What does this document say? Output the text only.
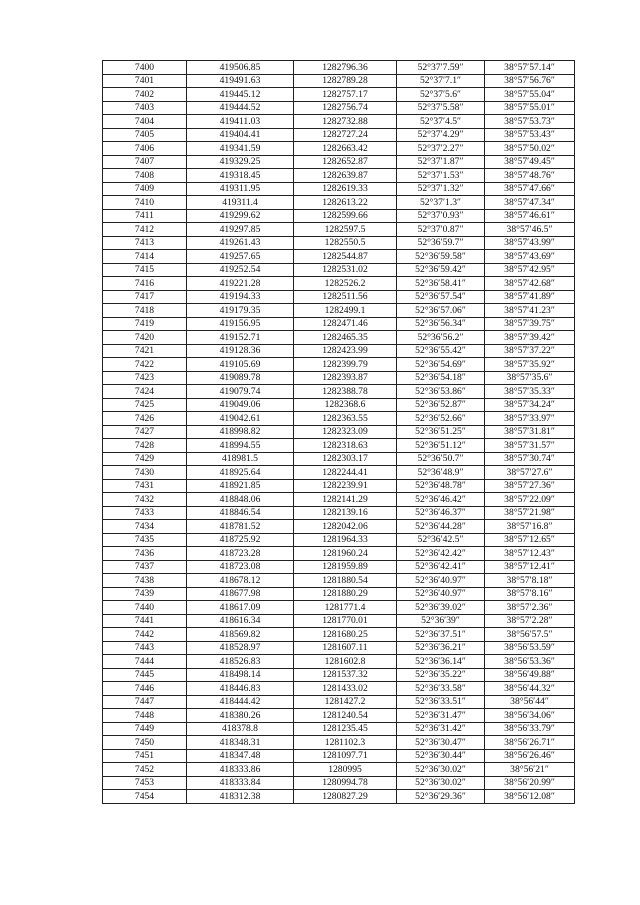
7400	419506.85	1282796.36	52°37′7.59″	38°57′57.14″
7401	419491.63	1282789.28	52°37′7.1″	38°57′56.76″
7402	419445.12	1282757.17	52°37′5.6″	38°57′55.04″
7403	419444.52	1282756.74	52°37′5.58″	38°57′55.01″
7404	419411.03	1282732.88	52°37′4.5″	38°57′53.73″
7405	419404.41	1282727.24	52°37′4.29″	38°57′53.43″
7406	419341.59	1282663.42	52°37′2.27″	38°57′50.02″
7407	419329.25	1282652.87	52°37′1.87″	38°57′49.45″
7408	419318.45	1282639.87	52°37′1.53″	38°57′48.76″
7409	419311.95	1282619.33	52°37′1.32″	38°57′47.66″
7410	419311.4	1282613.22	52°37′1.3″	38°57′47.34″
7411	419299.62	1282599.66	52°37′0.93″	38°57′46.61″
7412	419297.85	1282597.5	52°37′0.87″	38°57′46.5″
7413	419261.43	1282550.5	52°36′59.7″	38°57′43.99″
7414	419257.65	1282544.87	52°36′59.58″	38°57′43.69″
7415	419252.54	1282531.02	52°36′59.42″	38°57′42.95″
7416	419221.28	1282526.2	52°36′58.41″	38°57′42.68″
7417	419194.33	1282511.56	52°36′57.54″	38°57′41.89″
7418	419179.35	1282499.1	52°36′57.06″	38°57′41.23″
7419	419156.95	1282471.46	52°36′56.34″	38°57′39.75″
7420	419152.71	1282465.35	52°36′56.2″	38°57′39.42″
7421	419128.36	1282423.99	52°36′55.42″	38°57′37.22″
7422	419105.69	1282399.79	52°36′54.69″	38°57′35.92″
7423	419089.78	1282393.87	52°36′54.18″	38°57′35.6″
7424	419079.74	1282388.78	52°36′53.86″	38°57′35.33″
7425	419049.06	1282368.6	52°36′52.87″	38°57′34.24″
7426	419042.61	1282363.55	52°36′52.66″	38°57′33.97″
7427	418998.82	1282323.09	52°36′51.25″	38°57′31.81″
7428	418994.55	1282318.63	52°36′51.12″	38°57′31.57″
7429	418981.5	1282303.17	52°36′50.7″	38°57′30.74″
7430	418925.64	1282244.41	52°36′48.9″	38°57′27.6″
7431	418921.85	1282239.91	52°36′48.78″	38°57′27.36″
7432	418848.06	1282141.29	52°36′46.42″	38°57′22.09″
7433	418846.54	1282139.16	52°36′46.37″	38°57′21.98″
7434	418781.52	1282042.06	52°36′44.28″	38°57′16.8″
7435	418725.92	1281964.33	52°36′42.5″	38°57′12.65″
7436	418723.28	1281960.24	52°36′42.42″	38°57′12.43″
7437	418723.08	1281959.89	52°36′42.41″	38°57′12.41″
7438	418678.12	1281880.54	52°36′40.97″	38°57′8.18″
7439	418677.98	1281880.29	52°36′40.97″	38°57′8.16″
7440	418617.09	1281771.4	52°36′39.02″	38°57′2.36″
7441	418616.34	1281770.01	52°36′39″	38°57′2.28″
7442	418569.82	1281680.25	52°36′37.51″	38°56′57.5″
7443	418528.97	1281607.11	52°36′36.21″	38°56′53.59″
7444	418526.83	1281602.8	52°36′36.14″	38°56′53.36″
7445	418498.14	1281537.32	52°36′35.22″	38°56′49.88″
7446	418446.83	1281433.02	52°36′33.58″	38°56′44.32″
7447	418444.42	1281427.2	52°36′33.51″	38°56′44″
7448	418380.26	1281240.54	52°36′31.47″	38°56′34.06″
7449	418378.8	1281235.45	52°36′31.42″	38°56′33.79″
7450	418348.31	1281102.3	52°36′30.47″	38°56′26.71″
7451	418347.48	1281097.71	52°36′30.44″	38°56′26.46″
7452	418333.86	1280995	52°36′30.02″	38°56′21″
7453	418333.84	1280994.78	52°36′30.02″	38°56′20.99″
7454	418312.38	1280827.29	52°36′29.36″	38°56′12.08″
